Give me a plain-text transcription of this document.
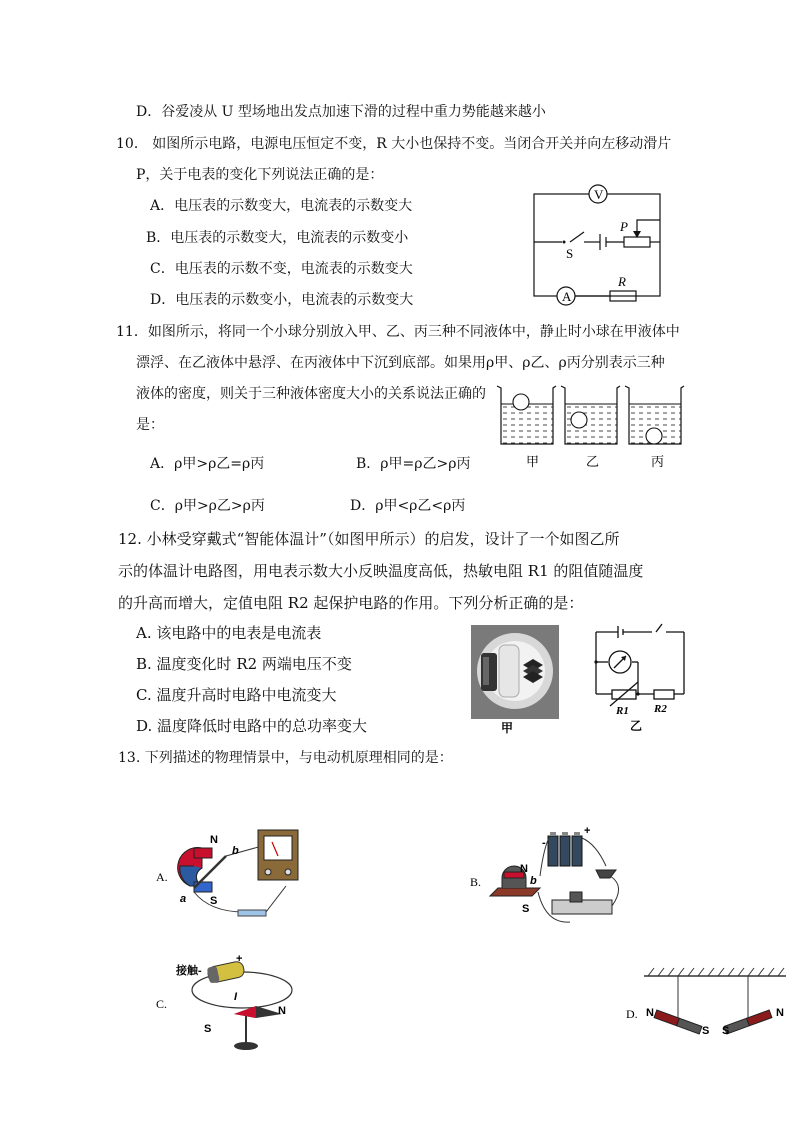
D．谷爱凌从 U 型场地出发点加速下滑的过程中重力势能越来越小
10． 如图所示电路，电源电压恒定不变，R 大小也保持不变。当闭合开关并向左移动滑片
P，关于电表的变化下列说法正确的是：
A．电压表的示数变大，电流表的示数变大
B．电压表的示数变大，电流表的示数变小
C．电压表的示数不变，电流表的示数变大
D．电压表的示数变小，电流表的示数变大
V
A
P
S
R
11．如图所示，将同一个小球分别放入甲、乙、丙三种不同液体中，静止时小球在甲液体中
漂浮、在乙液体中悬浮、在丙液体中下沉到底部。如果用ρ甲、ρ乙、ρ丙分别表示三种
液体的密度，则关于三种液体密度大小的关系说法正确的
是：
A．ρ甲>ρ乙=ρ丙	B．ρ甲=ρ乙>ρ丙
C．ρ甲>ρ乙>ρ丙	D．ρ甲<ρ乙<ρ丙
甲	乙	丙
12. 小林受穿戴式“智能体温计”（如图甲所示）的启发，设计了一个如图乙所
示的体温计电路图，用电表示数大小反映温度高低，热敏电阻 R1 的阻值随温度
的升高而增大，定值电阻 R2 起保护电路的作用。下列分析正确的是：
A. 该电路中的电表是电流表
B. 温度变化时 R2 两端电压不变
C. 温度升高时电路中电流变大
D. 温度降低时电路中的总功率变大	甲
R1 R2
乙
13. 下列描述的物理情景中，与电动机原理相同的是：
A.
N
S
a
b
B.
N
S
b
+
-
C.
接触
I
N
S
+
-
D. N
S S
N
